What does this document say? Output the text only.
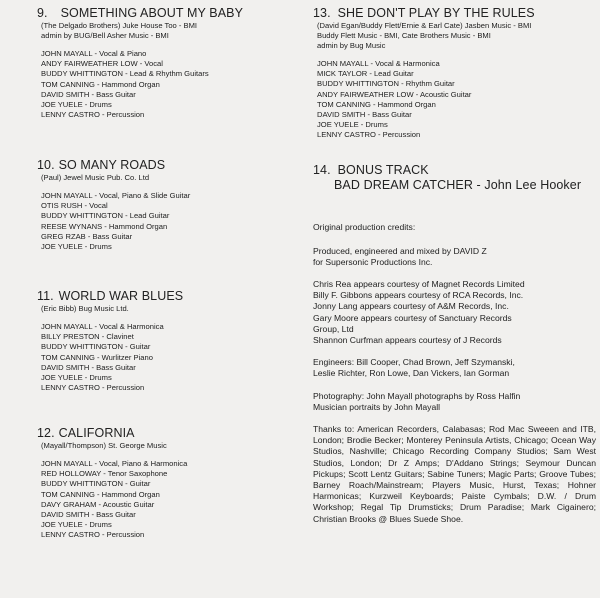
9. SOMETHING ABOUT MY BABY
(The Delgado Brothers) Juke House Too - BMI
admin by BUG/Bell Asher Music - BMI
JOHN MAYALL - Vocal & Piano
ANDY FAIRWEATHER LOW - Vocal
BUDDY WHITTINGTON - Lead & Rhythm Guitars
TOM CANNING - Hammond Organ
DAVID SMITH - Bass Guitar
JOE YUELE - Drums
LENNY CASTRO - Percussion
10. SO MANY ROADS
(Paul) Jewel Music Pub. Co. Ltd
JOHN MAYALL - Vocal, Piano & Slide Guitar
OTIS RUSH - Vocal
BUDDY WHITTINGTON - Lead Guitar
REESE WYNANS - Hammond Organ
GREG RZAB - Bass Guitar
JOE YUELE - Drums
11. WORLD WAR BLUES
(Eric Bibb) Bug Music Ltd.
JOHN MAYALL - Vocal & Harmonica
BILLY PRESTON - Clavinet
BUDDY WHITTINGTON - Guitar
TOM CANNING - Wurlitzer Piano
DAVID SMITH - Bass Guitar
JOE YUELE - Drums
LENNY CASTRO - Percussion
12. CALIFORNIA
(Mayall/Thompson) St. George Music
JOHN MAYALL - Vocal, Piano & Harmonica
RED HOLLOWAY - Tenor Saxophone
BUDDY WHITTINGTON - Guitar
TOM CANNING - Hammond Organ
DAVY GRAHAM - Acoustic Guitar
DAVID SMITH - Bass Guitar
JOE YUELE - Drums
LENNY CASTRO - Percussion
13. SHE DON'T PLAY BY THE RULES
(David Egan/Buddy Flett/Ernie & Earl Cate) Jasben Music - BMI
Buddy Flett Music - BMI, Cate Brothers Music - BMI
admin by Bug Music
JOHN MAYALL - Vocal & Harmonica
MICK TAYLOR - Lead Guitar
BUDDY WHITTINGTON - Rhythm Guitar
ANDY FAIRWEATHER LOW - Acoustic Guitar
TOM CANNING - Hammond Organ
DAVID SMITH - Bass Guitar
JOE YUELE - Drums
LENNY CASTRO - Percussion
14. BONUS TRACK
BAD DREAM CATCHER - John Lee Hooker
Original production credits:
Produced, engineered and mixed by DAVID Z
for Supersonic Productions Inc.
Chris Rea appears courtesy of Magnet Records Limited
Billy F. Gibbons appears courtesy of RCA Records, Inc.
Jonny Lang appears courtesy of A&M Records, Inc.
Gary Moore appears courtesy of Sanctuary Records
Group, Ltd
Shannon Curfman appears courtesy of J Records
Engineers: Bill Cooper, Chad Brown, Jeff Szymanski,
Leslie Richter, Ron Lowe, Dan Vickers, Ian Gorman
Photography: John Mayall photographs by Ross Halfin
Musician portraits by John Mayall
Thanks to: American Recorders, Calabasas; Rod Mac Sweeen and ITB, London; Brodie Becker; Monterey Peninsula Artists, Chicago; Ocean Way Studios, Nashville; Chicago Recording Company Studios; Sam West Studios, London; Dr Z Amps; D'Addano Strings; Seymour Duncan Pickups; Scott Lentz Guitars; Sabine Tuners; Magic Parts; Groove Tubes; Barney Roach/Mainstream; Players Music, Hurst, Texas; Hohner Harmonicas; Kurzweil Keyboards; Paiste Cymbals; D.W. / Drum Workshop; Regal Tip Drumsticks; Drum Paradise; Mark Cigainero; Christian Brooks @ Blues Suede Shoe.
